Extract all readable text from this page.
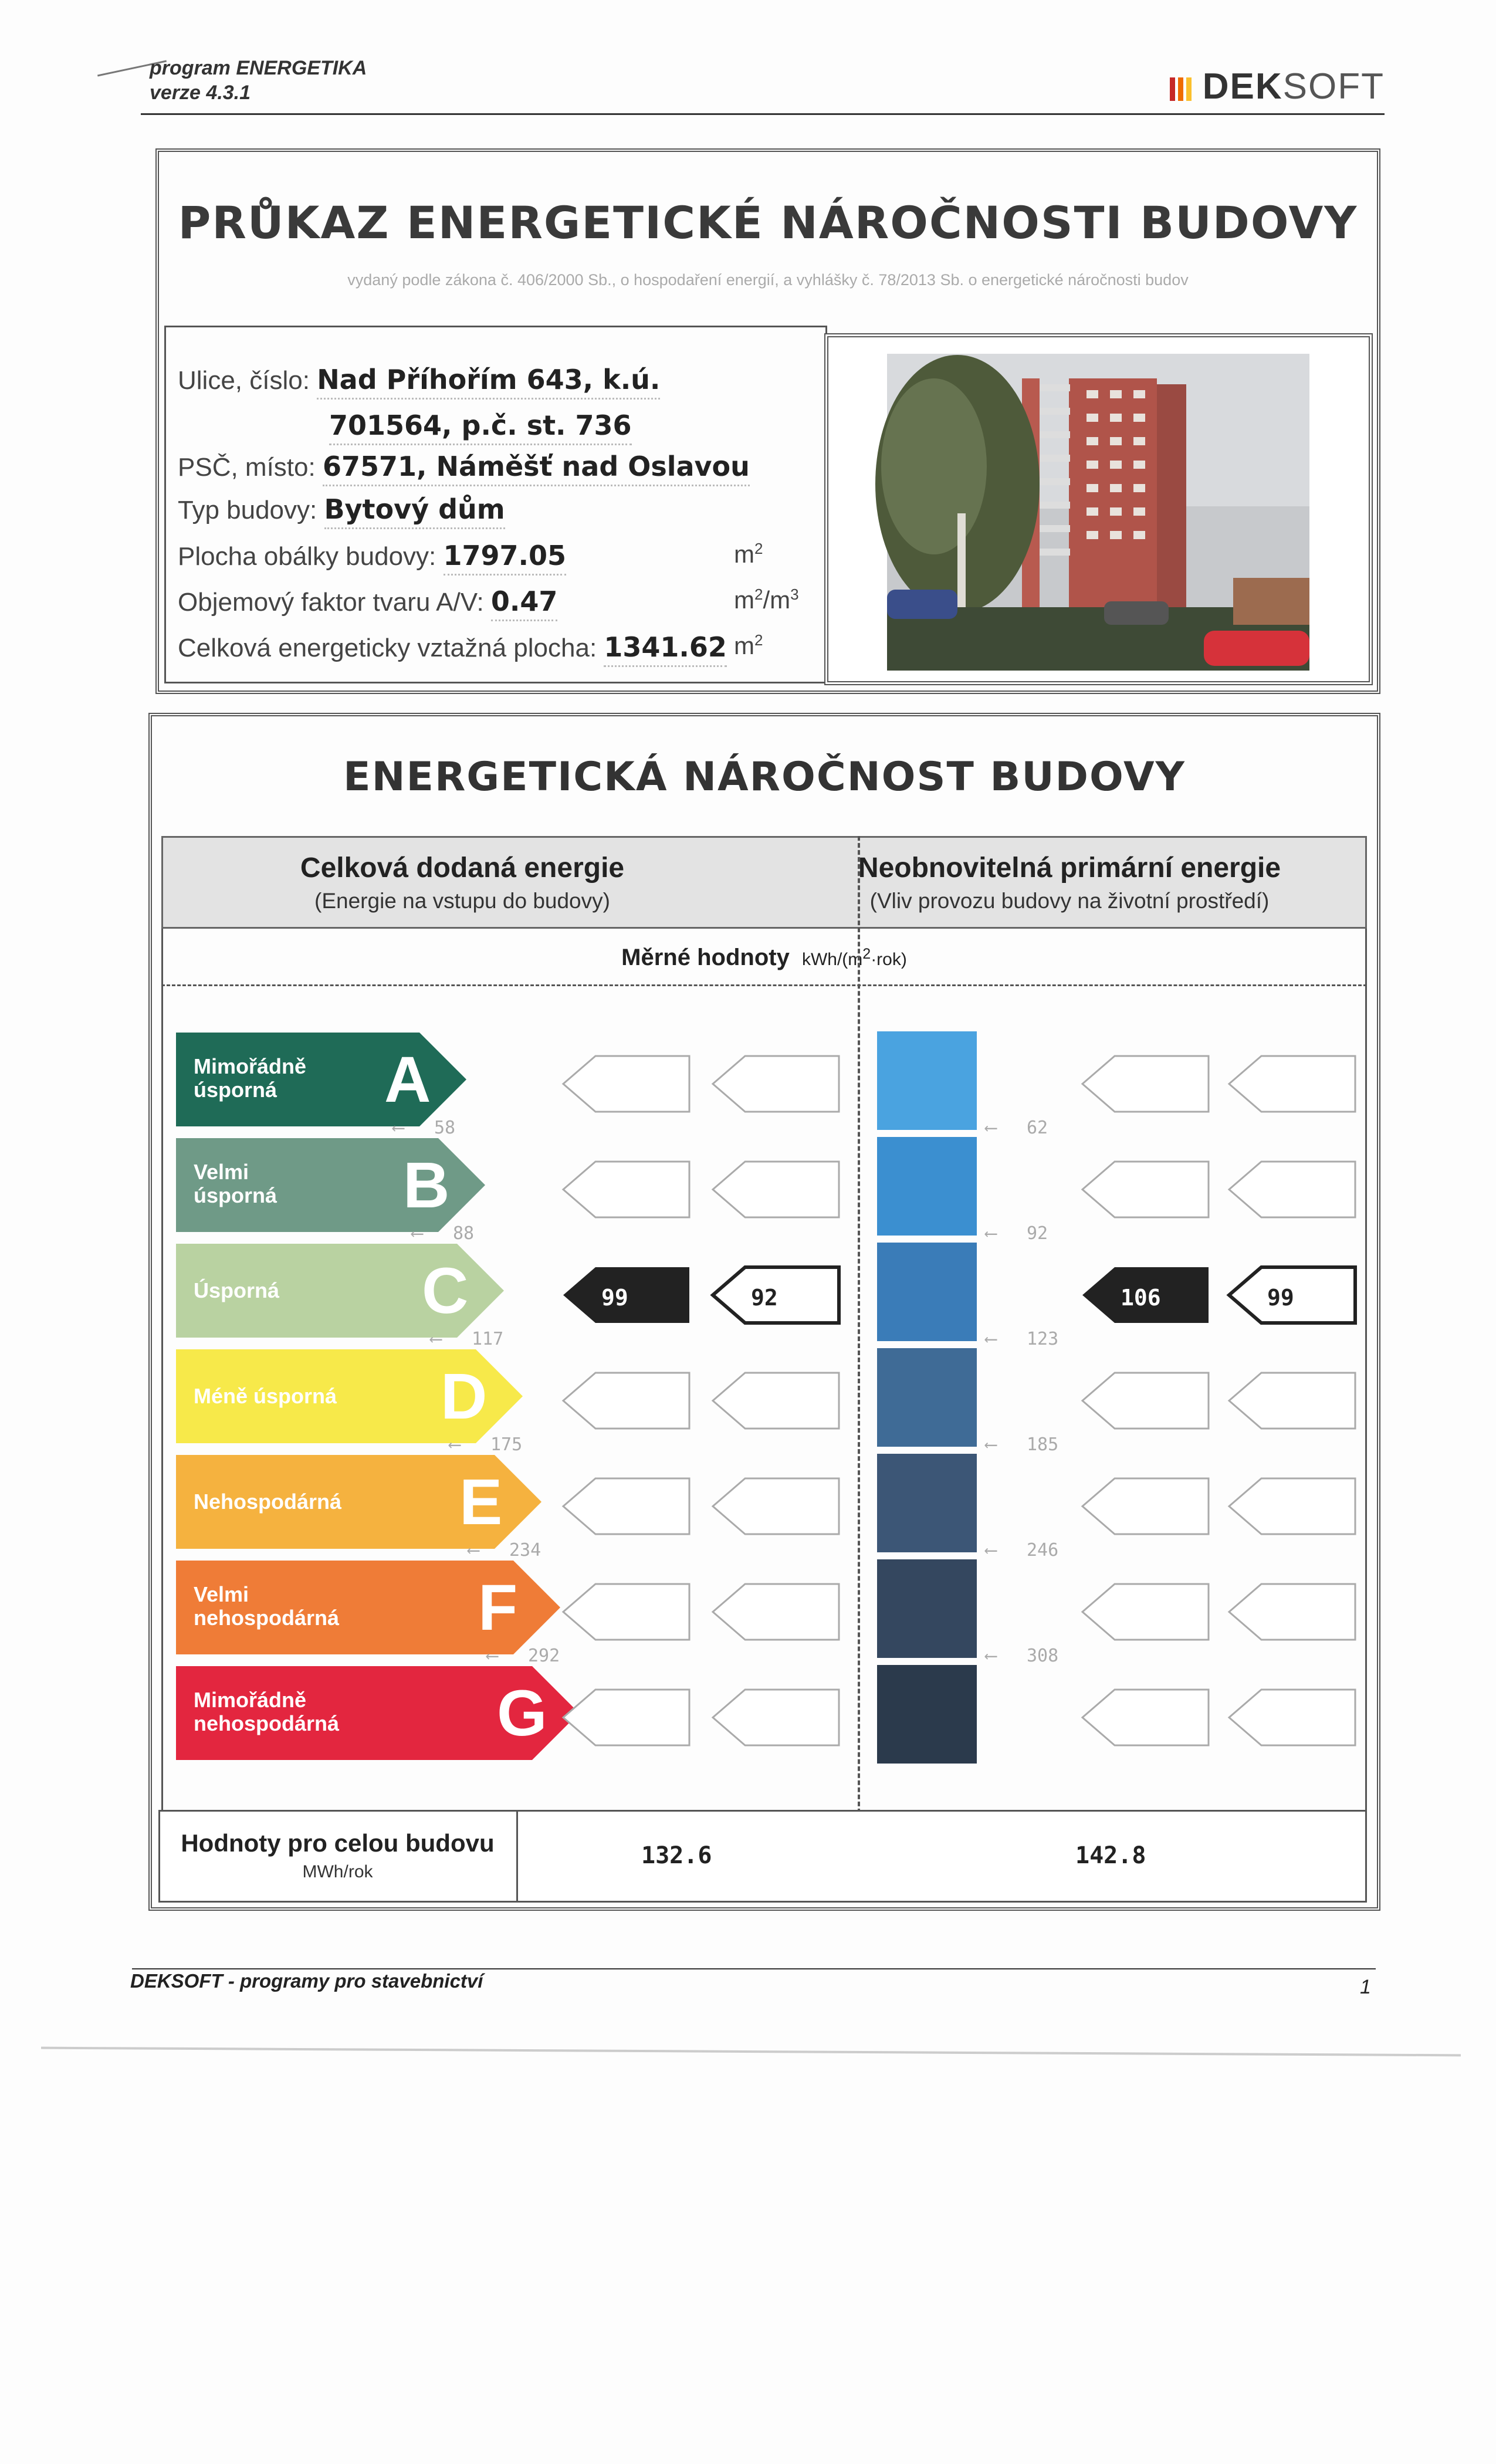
program ENERGETIKA
verze 4.3.1	DEKSOFT
PRŮKAZ ENERGETICKÉ NÁROČNOSTI BUDOVY
vydaný podle zákona č. 406/2000 Sb., o hospodaření energií, a vyhlášky č. 78/2013 Sb. o energetické náročnosti budov
Ulice, číslo: Nad Příhořím 643, k.ú.
701564, p.č. st. 736
PSČ, místo: 67571, Náměšť nad Oslavou
Typ budovy: Bytový dům
Plocha obálky budovy: 1797.05	$m^2$
Objemový faktor tvaru A/V: 0.47	$m^2/m^3$
Celková energeticky vztažná plocha: 1341.62 $m^2$
ENERGETICKÁ NÁROČNOST BUDOVY
Celková dodaná energie
(Energie na vstupu do budovy)
Neobnovitelná primární energie
(Vliv provozu budovy na životní prostředí)
Měrné hodnoty kWh/$(m^2\cdot rok)$
Mimořádně
úsporná A
Velmi
úsporná B
Úsporná C	99	92	106	99
Méně úsporná D
Nehospodárná E
Velmi
nehospodárná F
Mimořádně
nehospodárná G
⟵ 58
⟵ 88
⟵ 117
⟵ 175
⟵ 234
⟵ 292
⟵ 62
⟵ 92
⟵ 123
⟵ 185
⟵ 246
⟵ 308
Hodnoty pro celou budovu
MWh/rok
132.6	142.8
DEKSOFT - programy pro stavebnictví	1
